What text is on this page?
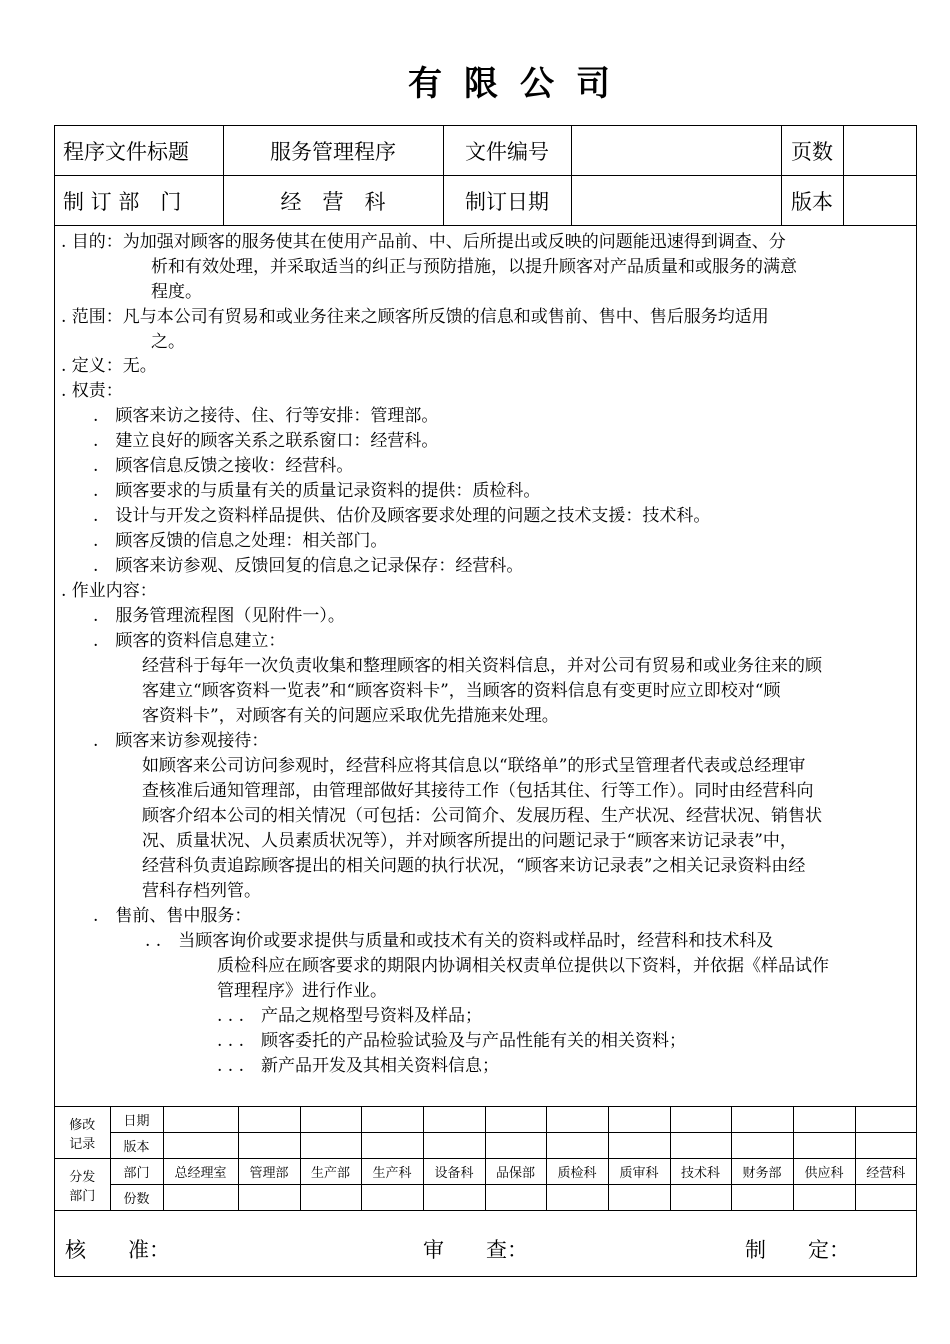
有限公司
程序文件标题	服务管理程序	文件编号		页数	
制 订 部　门	经　营　科	制订日期		版本	
. 目的：为加强对顾客的服务使其在使用产品前、中、后所提出或反映的问题能迅速得到调查、分
析和有效处理，并采取适当的纠正与预防措施，以提升顾客对产品质量和或服务的满意
程度。
. 范围：凡与本公司有贸易和或业务往来之顾客所反馈的信息和或售前、售中、售后服务均适用
之。
. 定义：无。
. 权责：
.　顾客来访之接待、住、行等安排：管理部。
.　建立良好的顾客关系之联系窗口：经营科。
.　顾客信息反馈之接收：经营科。
.　顾客要求的与质量有关的质量记录资料的提供：质检科。
.　设计与开发之资料样品提供、估价及顾客要求处理的问题之技术支援：技术科。
.　顾客反馈的信息之处理：相关部门。
.　顾客来访参观、反馈回复的信息之记录保存：经营科。
. 作业内容：
.　服务管理流程图（见附件一）。
.　顾客的资料信息建立：
经营科于每年一次负责收集和整理顾客的相关资料信息，并对公司有贸易和或业务往来的顾
客建立“顾客资料一览表”和“顾客资料卡”，当顾客的资料信息有变更时应立即校对“顾
客资料卡”，对顾客有关的问题应采取优先措施来处理。
.　顾客来访参观接待：
如顾客来公司访问参观时，经营科应将其信息以“联络单”的形式呈管理者代表或总经理审
查核准后通知管理部，由管理部做好其接待工作（包括其住、行等工作）。同时由经营科向
顾客介绍本公司的相关情况（可包括：公司简介、发展历程、生产状况、经营状况、销售状
况、质量状况、人员素质状况等），并对顾客所提出的问题记录于“顾客来访记录表”中，
经营科负责追踪顾客提出的相关问题的执行状况，“顾客来访记录表”之相关记录资料由经
营科存档列管。
.　售前、售中服务：
. .　当顾客询价或要求提供与质量和或技术有关的资料或样品时，经营科和技术科及
质检科应在顾客要求的期限内协调相关权责单位提供以下资料，并依据《样品试作
管理程序》进行作业。
. . .　产品之规格型号资料及样品；
. . .　顾客委托的产品检验试验及与产品性能有关的相关资料；
. . .　新产品开发及其相关资料信息；
修改
记录	日期												
	版本												

分发
部门	部门	总经理室	管理部	生产部	生产科	设备科	品保部	质检科	质审科	技术科	财务部	供应科	经营科
	份数												
核　　准：	审　　查：	制　　定：
